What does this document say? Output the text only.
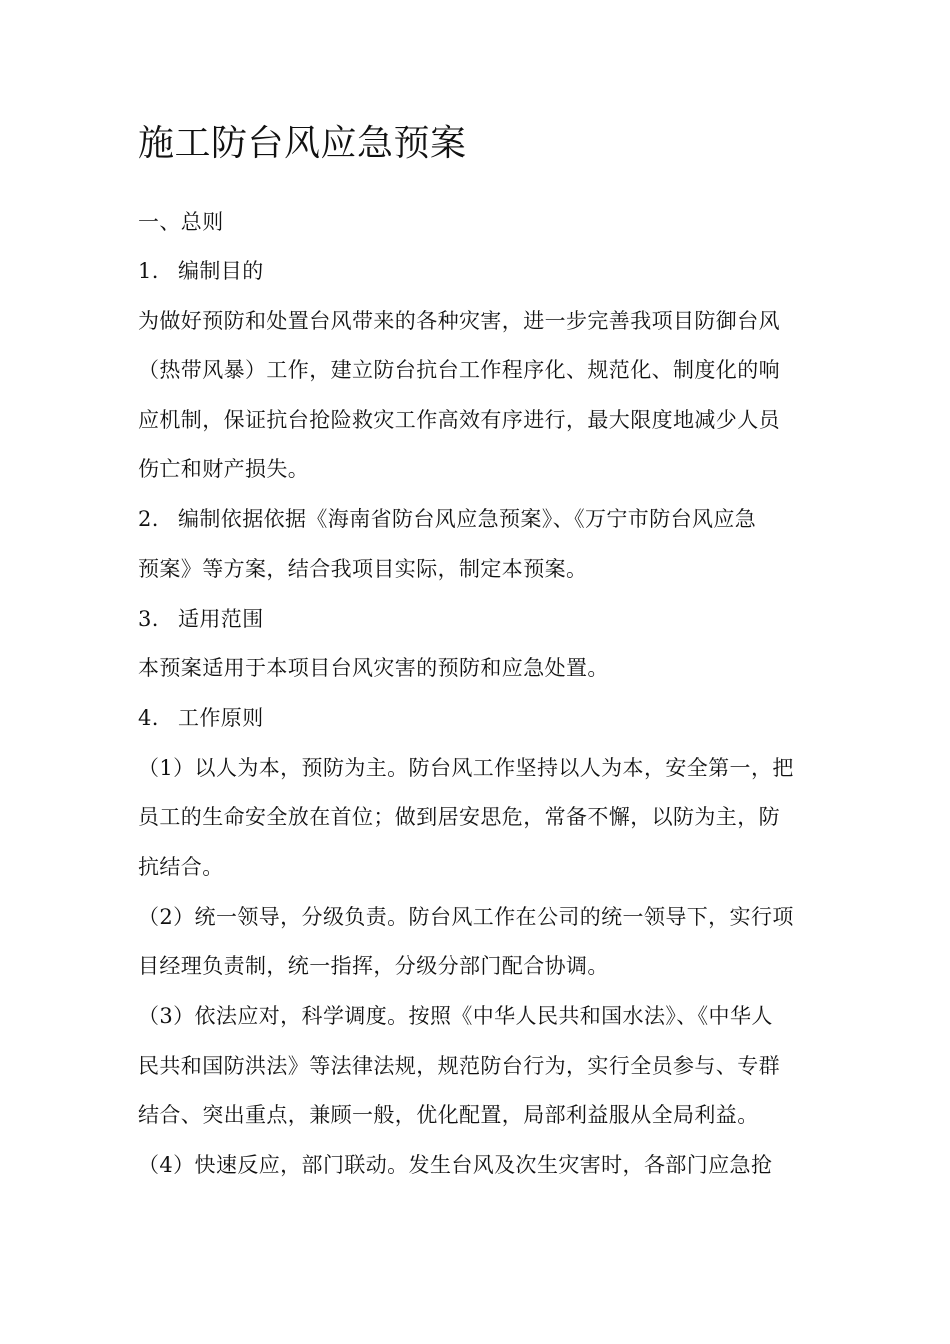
施工防台风应急预案
一、总则
1. 编制目的
为做好预防和处置台风带来的各种灾害，进一步完善我项目防御台风
（热带风暴）工作，建立防台抗台工作程序化、规范化、制度化的响
应机制，保证抗台抢险救灾工作高效有序进行，最大限度地减少人员
伤亡和财产损失。
2. 编制依据依据《海南省防台风应急预案》、《万宁市防台风应急
预案》等方案，结合我项目实际，制定本预案。
3. 适用范围
本预案适用于本项目台风灾害的预防和应急处置。
4. 工作原则
（1）以人为本，预防为主。防台风工作坚持以人为本，安全第一，把
员工的生命安全放在首位；做到居安思危，常备不懈，以防为主，防
抗结合。
（2）统一领导，分级负责。防台风工作在公司的统一领导下，实行项
目经理负责制，统一指挥，分级分部门配合协调。
（3）依法应对，科学调度。按照《中华人民共和国水法》、《中华人
民共和国防洪法》等法律法规，规范防台行为，实行全员参与、专群
结合、突出重点，兼顾一般，优化配置，局部利益服从全局利益。
（4）快速反应，部门联动。发生台风及次生灾害时，各部门应急抢
